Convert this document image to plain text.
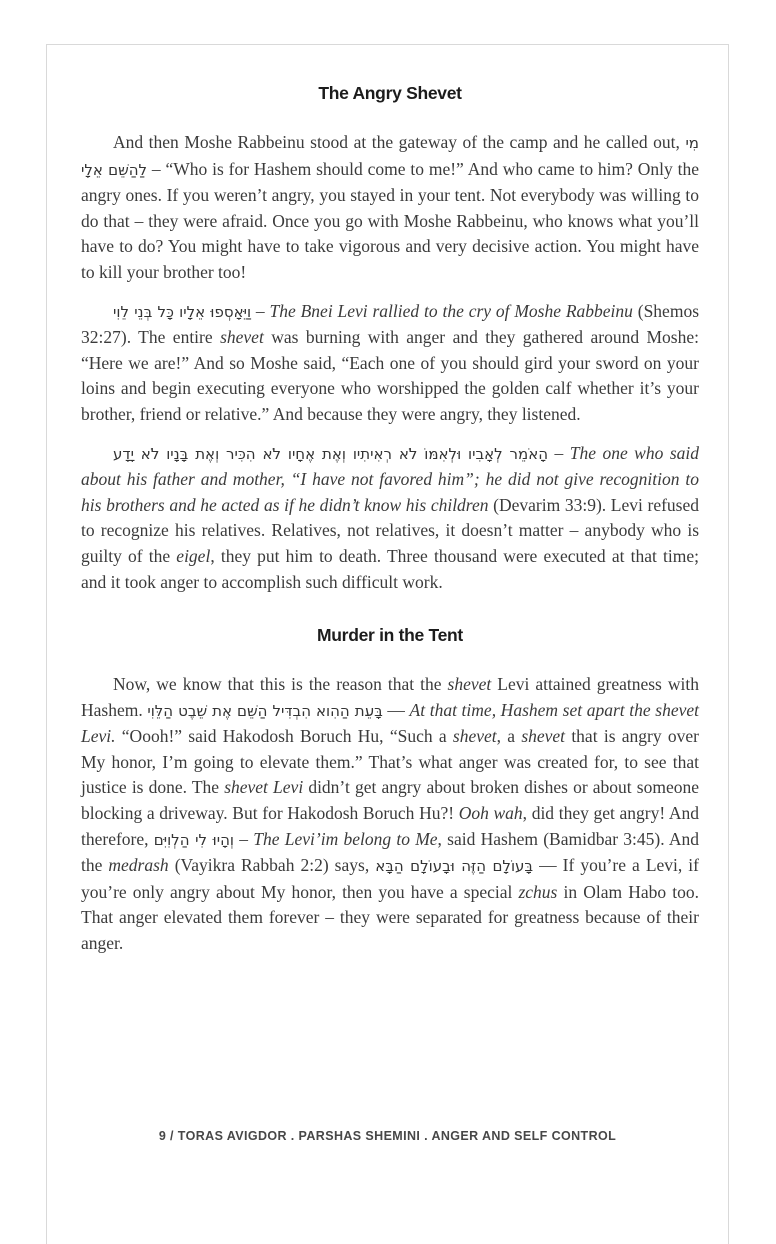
The Angry Shevet

And then Moshe Rabbeinu stood at the gateway of the camp and he called out, מִי לַהַשֵּׁם אֵלָי – “Who is for Hashem should come to me!” And who came to him? Only the angry ones. If you weren’t angry, you stayed in your tent. Not everybody was willing to do that – they were afraid. Once you go with Moshe Rabbeinu, who knows what you’ll have to do? You might have to take vigorous and very decisive action. You might have to kill your brother too!

וַיֵּאָסְפוּ אֵלָיו כָּל בְּנֵי לֵוִי – The Bnei Levi rallied to the cry of Moshe Rabbeinu (Shemos 32:27). The entire shevet was burning with anger and they gathered around Moshe: “Here we are!” And so Moshe said, “Each one of you should gird your sword on your loins and begin executing everyone who worshipped the golden calf whether it’s your brother, friend or relative.” And because they were angry, they listened.

הָאֹמֵר לְאָבִיו וּלְאִמּוֹ לֹא רְאִיתִיו וְאֶת אֶחָיו לֹא הִכִּיר וְאֶת בָּנָיו לֹא יָדָע – The one who said about his father and mother, “I have not favored him”; he did not give recognition to his brothers and he acted as if he didn’t know his children (Devarim 33:9). Levi refused to recognize his relatives. Relatives, not relatives, it doesn’t matter – anybody who is guilty of the eigel, they put him to death. Three thousand were executed at that time; and it took anger to accomplish such difficult work.

Murder in the Tent

Now, we know that this is the reason that the shevet Levi attained greatness with Hashem. בָּעֵת הַהִוא הִבְדִּיל הַשֵּׁם אֶת שֵׁבֶט הַלֵּוִי — At that time, Hashem set apart the shevet Levi. “Oooh!” said Hakodosh Boruch Hu, “Such a shevet, a shevet that is angry over My honor, I’m going to elevate them.” That’s what anger was created for, to see that justice is done. The shevet Levi didn’t get angry about broken dishes or about someone blocking a driveway. But for Hakodosh Boruch Hu?! Ooh wah, did they get angry! And therefore, וְהָיוּ לִי הַלְוִיִּם – The Levi’im belong to Me, said Hashem (Bamidbar 3:45). And the medrash (Vayikra Rabbah 2:2) says, בָּעוֹלָם הַזֶּה וּבָעוֹלָם הַבָּא — If you’re a Levi, if you’re only angry about My honor, then you have a special zchus in Olam Habo too. That anger elevated them forever – they were separated for greatness because of their anger.

9 / TORAS AVIGDOR . PARSHAS SHEMINI . ANGER AND SELF CONTROL
